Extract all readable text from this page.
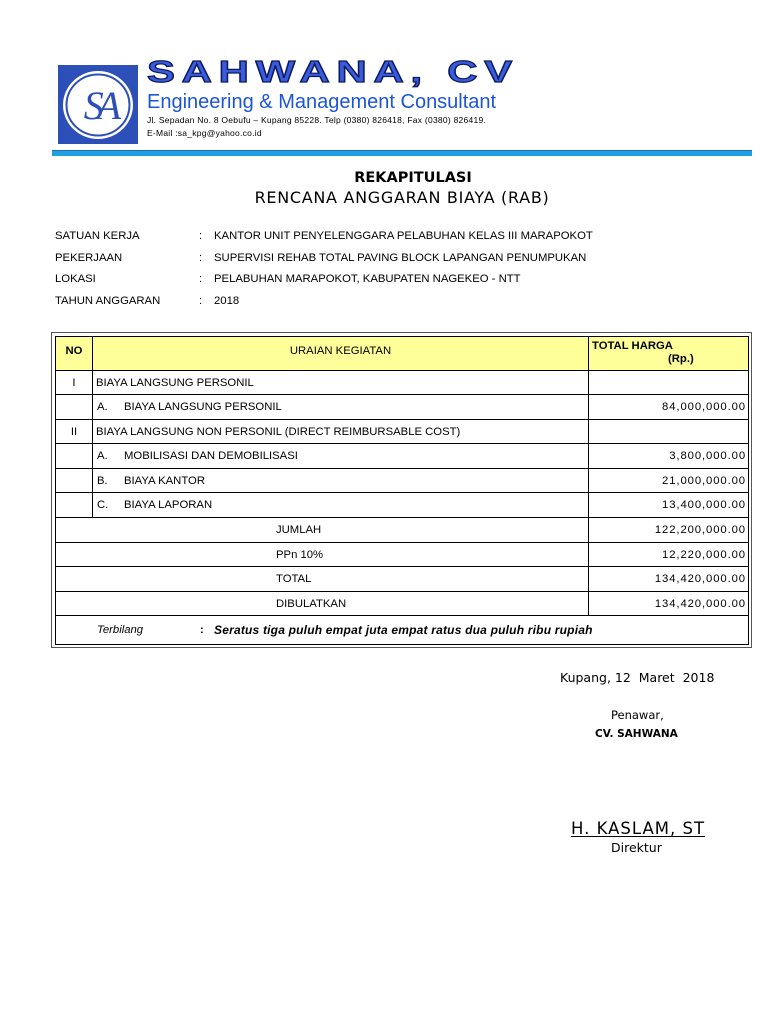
SA
SAHWANA, CV
Engineering & Management Consultant
Jl. Sepadan No. 8 Oebufu – Kupang 85228. Telp (0380) 826418, Fax (0380) 826419.
E-Mail :sa_kpg@yahoo.co.id
REKAPITULASI
RENCANA ANGGARAN BIAYA (RAB)
SATUAN KERJA	: KANTOR UNIT PENYELENGGARA PELABUHAN KELAS III MARAPOKOT
PEKERJAAN	: SUPERVISI REHAB TOTAL PAVING BLOCK LAPANGAN PENUMPUKAN
LOKASI	: PELABUHAN MARAPOKOT, KABUPATEN NAGEKEO - NTT
TAHUN ANGGARAN	: 2018
NO	URAIAN KEGIATAN	TOTAL HARGA
(Rp.)

I	BIAYA LANGSUNG PERSONIL	
	A. BIAYA LANGSUNG PERSONIL	84,000,000.00
II	BIAYA LANGSUNG NON PERSONIL (DIRECT REIMBURSABLE COST)	
	A. MOBILISASI DAN DEMOBILISASI	3,800,000.00
	B. BIAYA KANTOR	21,000,000.00
	C. BIAYA LAPORAN	13,400,000.00
JUMLAH		122,200,000.00
PPn 10%		12,220,000.00
TOTAL		134,420,000.00
DIBULATKAN		134,420,000.00

Terbilang : Seratus tiga puluh empat juta empat ratus dua puluh ribu rupiah		
Kupang, 12  Maret  2018
Penawar,
CV. SAHWANA
H. KASLAM, ST
Direktur
